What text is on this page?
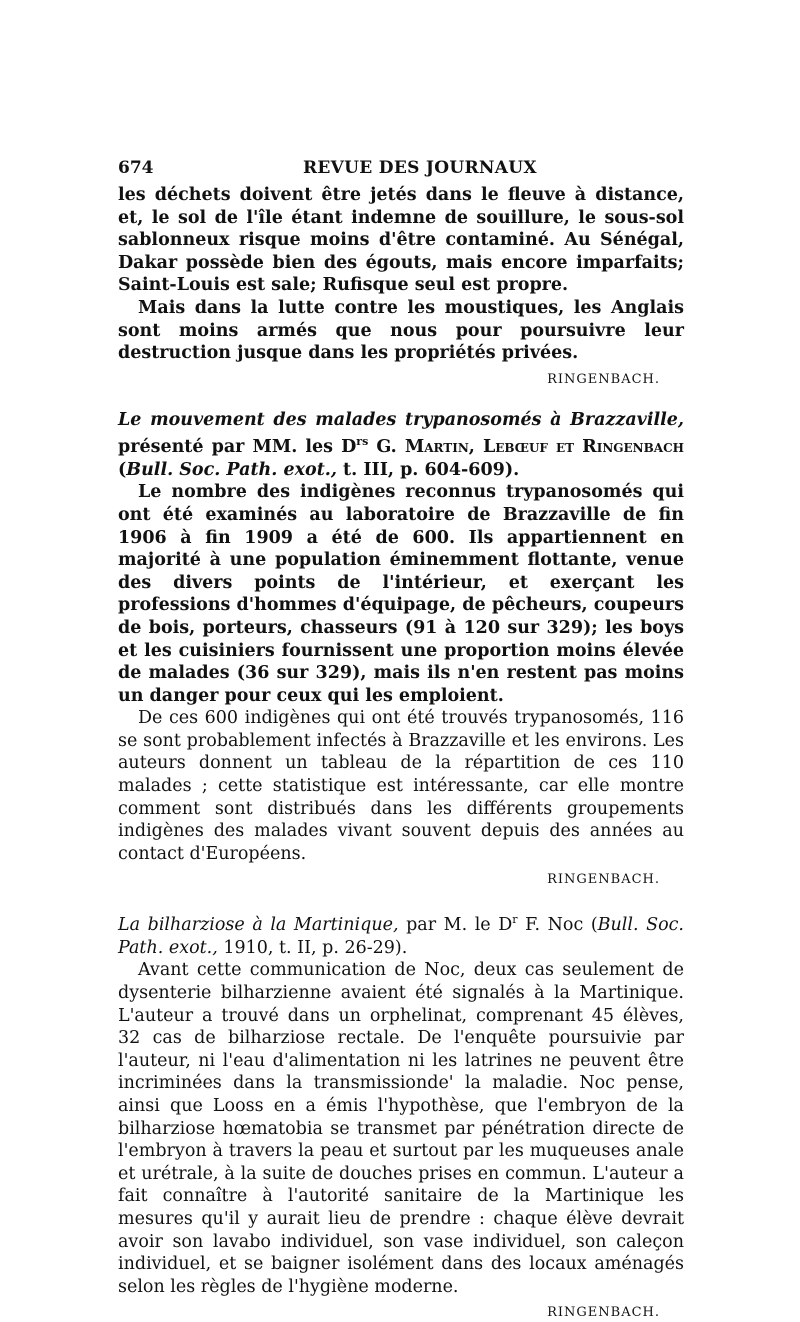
674	REVUE DES JOURNAUX

les déchets doivent être jetés dans le fleuve à distance, et, le sol de l'île étant indemne de souillure, le sous-sol sablonneux risque moins d'être contaminé. Au Sénégal, Dakar possède bien des égouts, mais encore imparfaits; Saint-Louis est sale; Rufisque seul est propre.

Mais dans la lutte contre les moustiques, les Anglais sont moins armés que nous pour poursuivre leur destruction jusque dans les propriétés privées.

RINGENBACH.

Le mouvement des malades trypanosomés à Brazzaville, présenté par MM. les $D^{rs}$ G. Martin, Lebœuf et Ringenbach (Bull. Soc. Path. exot., t. III, p. 604-609).

Le nombre des indigènes reconnus trypanosomés qui ont été examinés au laboratoire de Brazzaville de fin 1906 à fin 1909 a été de 600. Ils appartiennent en majorité à une population éminemment flottante, venue des divers points de l'intérieur, et exerçant les professions d'hommes d'équipage, de pêcheurs, coupeurs de bois, porteurs, chasseurs (91 à 120 sur 329); les boys et les cuisiniers fournissent une proportion moins élevée de malades (36 sur 329), mais ils n'en restent pas moins un danger pour ceux qui les emploient.

De ces 600 indigènes qui ont été trouvés trypanosomés, 116 se sont probablement infectés à Brazzaville et les environs. Les auteurs donnent un tableau de la répartition de ces 110 malades ; cette statistique est intéressante, car elle montre comment sont distribués dans les différents groupements indigènes des malades vivant souvent depuis des années au contact d'Européens.

RINGENBACH.

La bilharziose à la Martinique, par M. le $D^r$ F. Noc (Bull. Soc. Path. exot., 1910, t. II, p. 26-29).

Avant cette communication de Noc, deux cas seulement de dysenterie bilharzienne avaient été signalés à la Martinique. L'auteur a trouvé dans un orphelinat, comprenant 45 élèves, 32 cas de bilharziose rectale. De l'enquête poursuivie par l'auteur, ni l'eau d'alimentation ni les latrines ne peuvent être incriminées dans la transmissionde' la maladie. Noc pense, ainsi que Looss en a émis l'hypothèse, que l'embryon de la bilharziose hœmatobia se transmet par pénétration directe de l'embryon à travers la peau et surtout par les muqueuses anale et urétrale, à la suite de douches prises en commun. L'auteur a fait connaître à l'autorité sanitaire de la Martinique les mesures qu'il y aurait lieu de prendre : chaque élève devrait avoir son lavabo individuel, son vase individuel, son caleçon individuel, et se baigner isolément dans des locaux aménagés selon les règles de l'hygiène moderne.

RINGENBACH.
